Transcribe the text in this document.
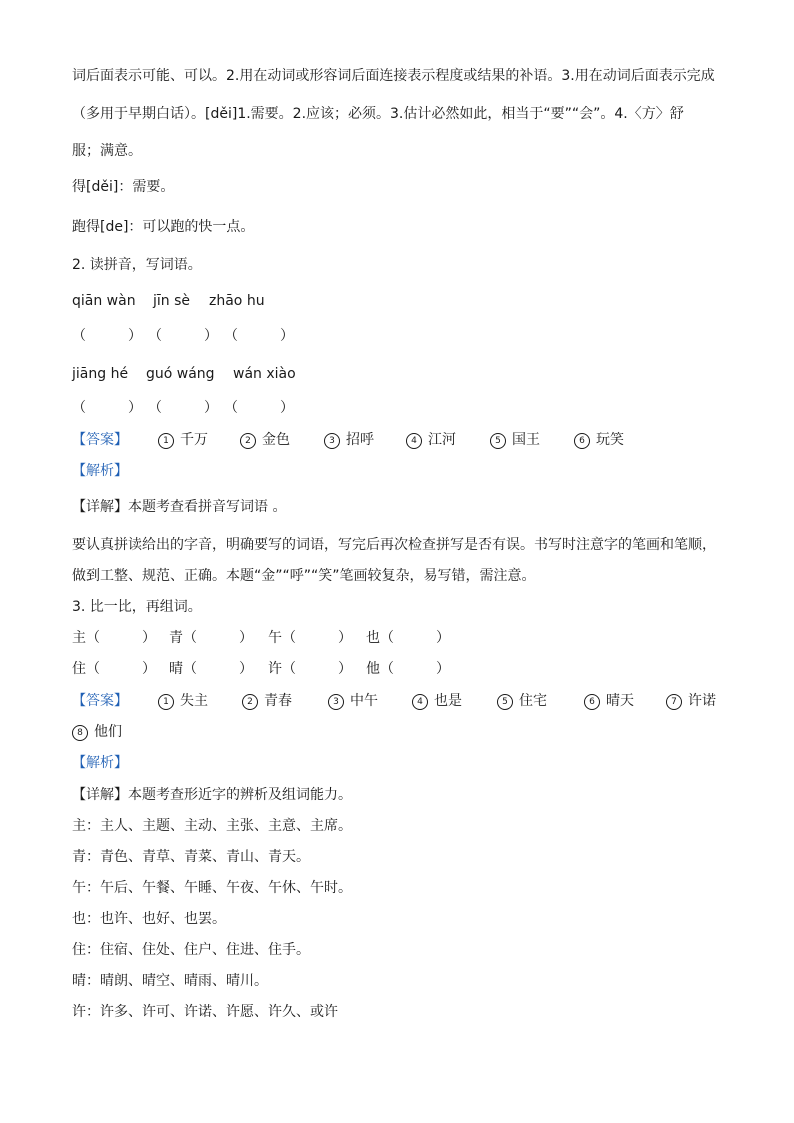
词后面表示可能、可以。2.用在动词或形容词后面连接表示程度或结果的补语。3.用在动词后面表示完成
（多用于早期白话）。[děi]1.需要。2.应该；必须。3.估计必然如此，相当于“要”“会”。4.〈方〉舒
服；满意。
得[děi]：需要。
跑得[de]：可以跑的快一点。
2. 读拼音，写词语。
qiān wàn jīn sè zhāo hu
（　　　） （　　　） （　　　）
jiāng hé guó wáng wán xiào
（　　　） （　　　） （　　　）
【答案】	1 千万	2 金色	3 招呼	4 江河	5 国王	6 玩笑
【解析】
【详解】本题考查看拼音写词语 。
要认真拼读给出的字音，明确要写的词语，写完后再次检查拼写是否有误。书写时注意字的笔画和笔顺，
做到工整、规范、正确。本题“金”“呼”“笑”笔画较复杂，易写错，需注意。
3. 比一比，再组词。
主（　　　） 青（　　　） 午（　　　） 也（　　　）
住（　　　） 晴（　　　） 许（　　　） 他（　　　）
【答案】	1 失主	2 青春	3 中午	4 也是	5 住宅	6 晴天	7 许诺
8 他们
【解析】
【详解】本题考查形近字的辨析及组词能力。
主：主人、主题、主动、主张、主意、主席。
青：青色、青草、青菜、青山、青天。
午：午后、午餐、午睡、午夜、午休、午时。
也：也许、也好、也罢。
住：住宿、住处、住户、住进、住手。
晴：晴朗、晴空、晴雨、晴川。
许：许多、许可、许诺、许愿、许久、或许
